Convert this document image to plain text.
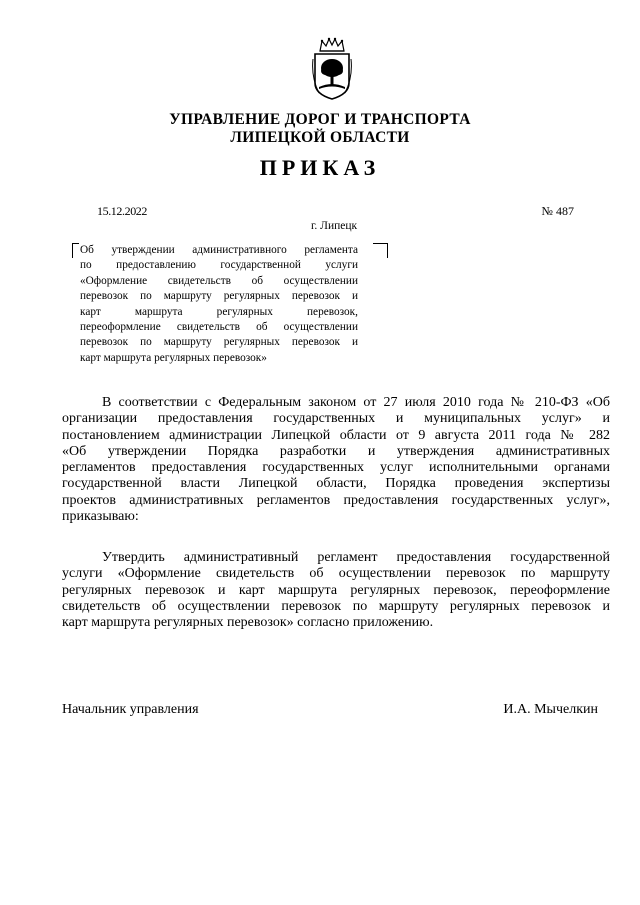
УПРАВЛЕНИЕ ДОРОГ И ТРАНСПОРТА
ЛИПЕЦКОЙ ОБЛАСТИ
ПРИКАЗ
15.12.2022	№ 487
г. Липецк
Об утверждении административного регламента
по предоставлению государственной услуги
«Оформление свидетельств об осуществлении
перевозок по маршруту регулярных перевозок и
карт маршрута регулярных перевозок,
переоформление свидетельств об осуществлении
перевозок по маршруту регулярных перевозок и
карт маршрута регулярных перевозок»
В соответствии с Федеральным законом от 27 июля 2010 года № 210-ФЗ «Об
организации предоставления государственных и муниципальных услуг» и
постановлением администрации Липецкой области от 9 августа 2011 года № 282
«Об утверждении Порядка разработки и утверждения административных
регламентов предоставления государственных услуг исполнительными органами
государственной власти Липецкой области, Порядка проведения экспертизы
проектов административных регламентов предоставления государственных услуг»,
приказываю:
Утвердить административный регламент предоставления государственной
услуги «Оформление свидетельств об осуществлении перевозок по маршруту
регулярных перевозок и карт маршрута регулярных перевозок, переоформление
свидетельств об осуществлении перевозок по маршруту регулярных перевозок и
карт маршрута регулярных перевозок» согласно приложению.
Начальник управления	И.А. Мычелкин
